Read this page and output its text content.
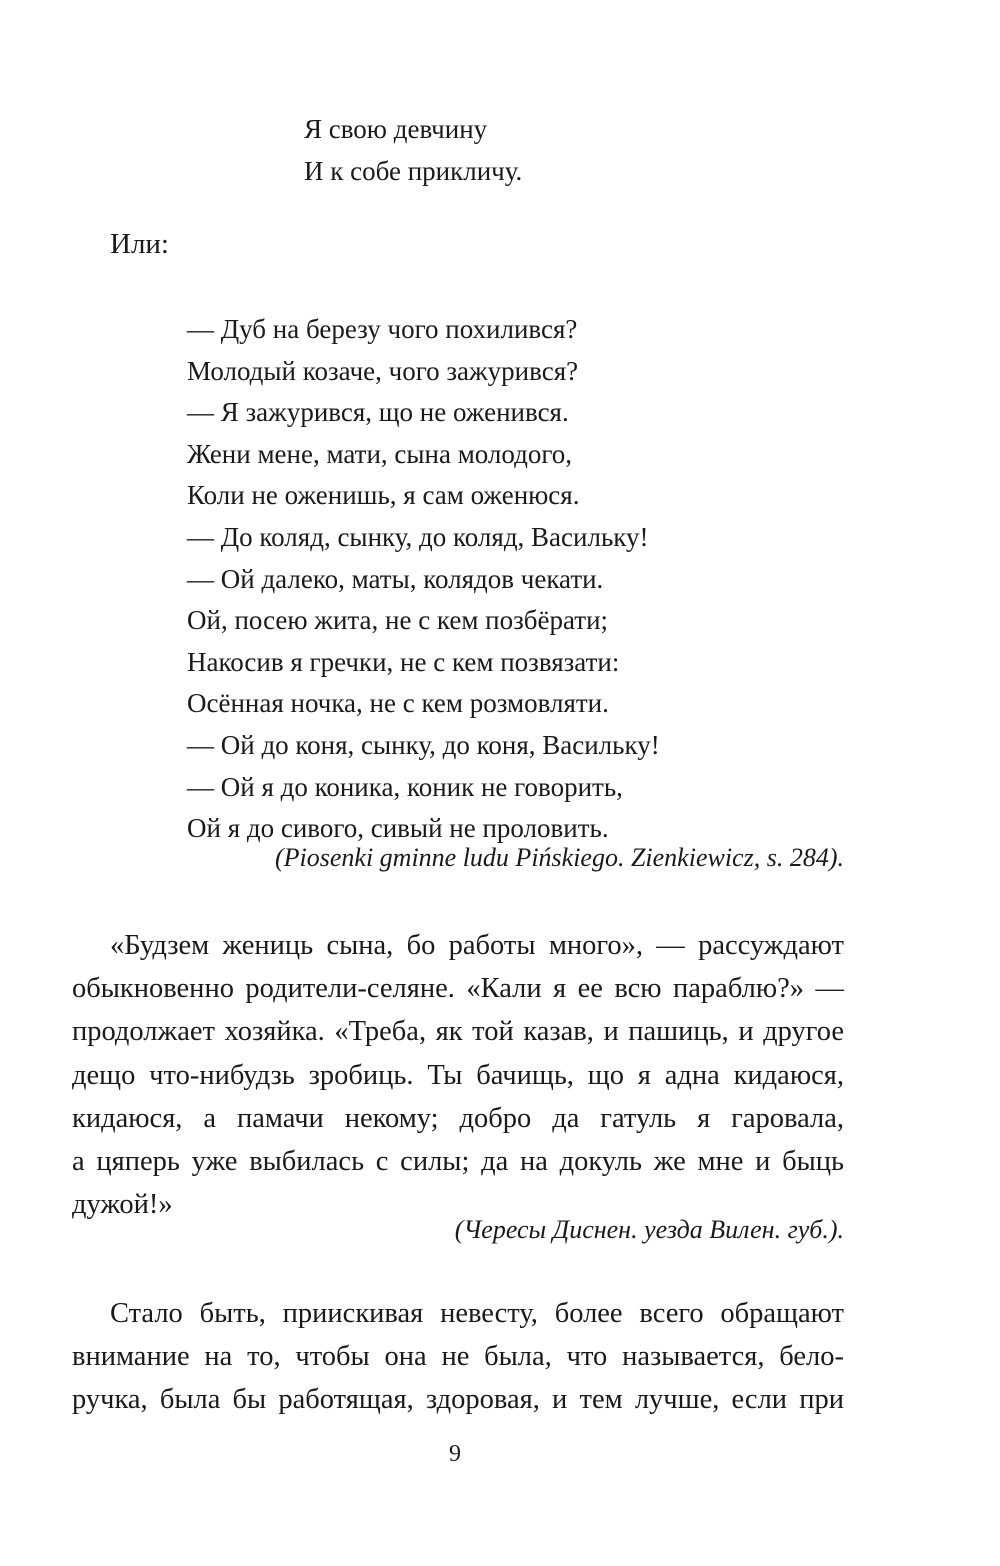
Я свою девчину
И к собе прикличу.
Или:
— Дуб на березу чого похилився?
Молодый козаче, чого зажурився?
— Я зажурився, що не оженився.
Жени мене, мати, сына молодого,
Коли не оженишь, я сам оженюся.
— До коляд, сынку, до коляд, Васильку!
— Ой далеко, маты, колядов чекати.
Ой, посею жита, не с кем позбёрати;
Накосив я гречки, не с кем позвязати:
Осённая ночка, не с кем розмовляти.
— Ой до коня, сынку, до коня, Васильку!
— Ой я до коника, коник не говорить,
Ой я до сивого, сивый не проловить.
(Piosenki gminne ludu Pińskiego. Zienkiewicz, s. 284).
«Будзем жениць сына, бо работы много», — рассуждают
обыкновенно родители-селяне. «Кали я ее всю параблю?» —
продолжает хозяйка. «Треба, як той казав, и пашиць, и другое
дещо что-нибудзь зробиць. Ты бачищь, що я адна кидаюся,
кидаюся, а памачи некому; добро да гатуль я гаровала,
а цяперь уже выбилась с силы; да на докуль же мне и быць
дужой!»
(Чересы Диснен. уезда Вилен. губ.).
Стало быть, приискивая невесту, более всего обращают
внимание на то, чтобы она не была, что называется, бело-
ручка, была бы работящая, здоровая, и тем лучше, если при
9
